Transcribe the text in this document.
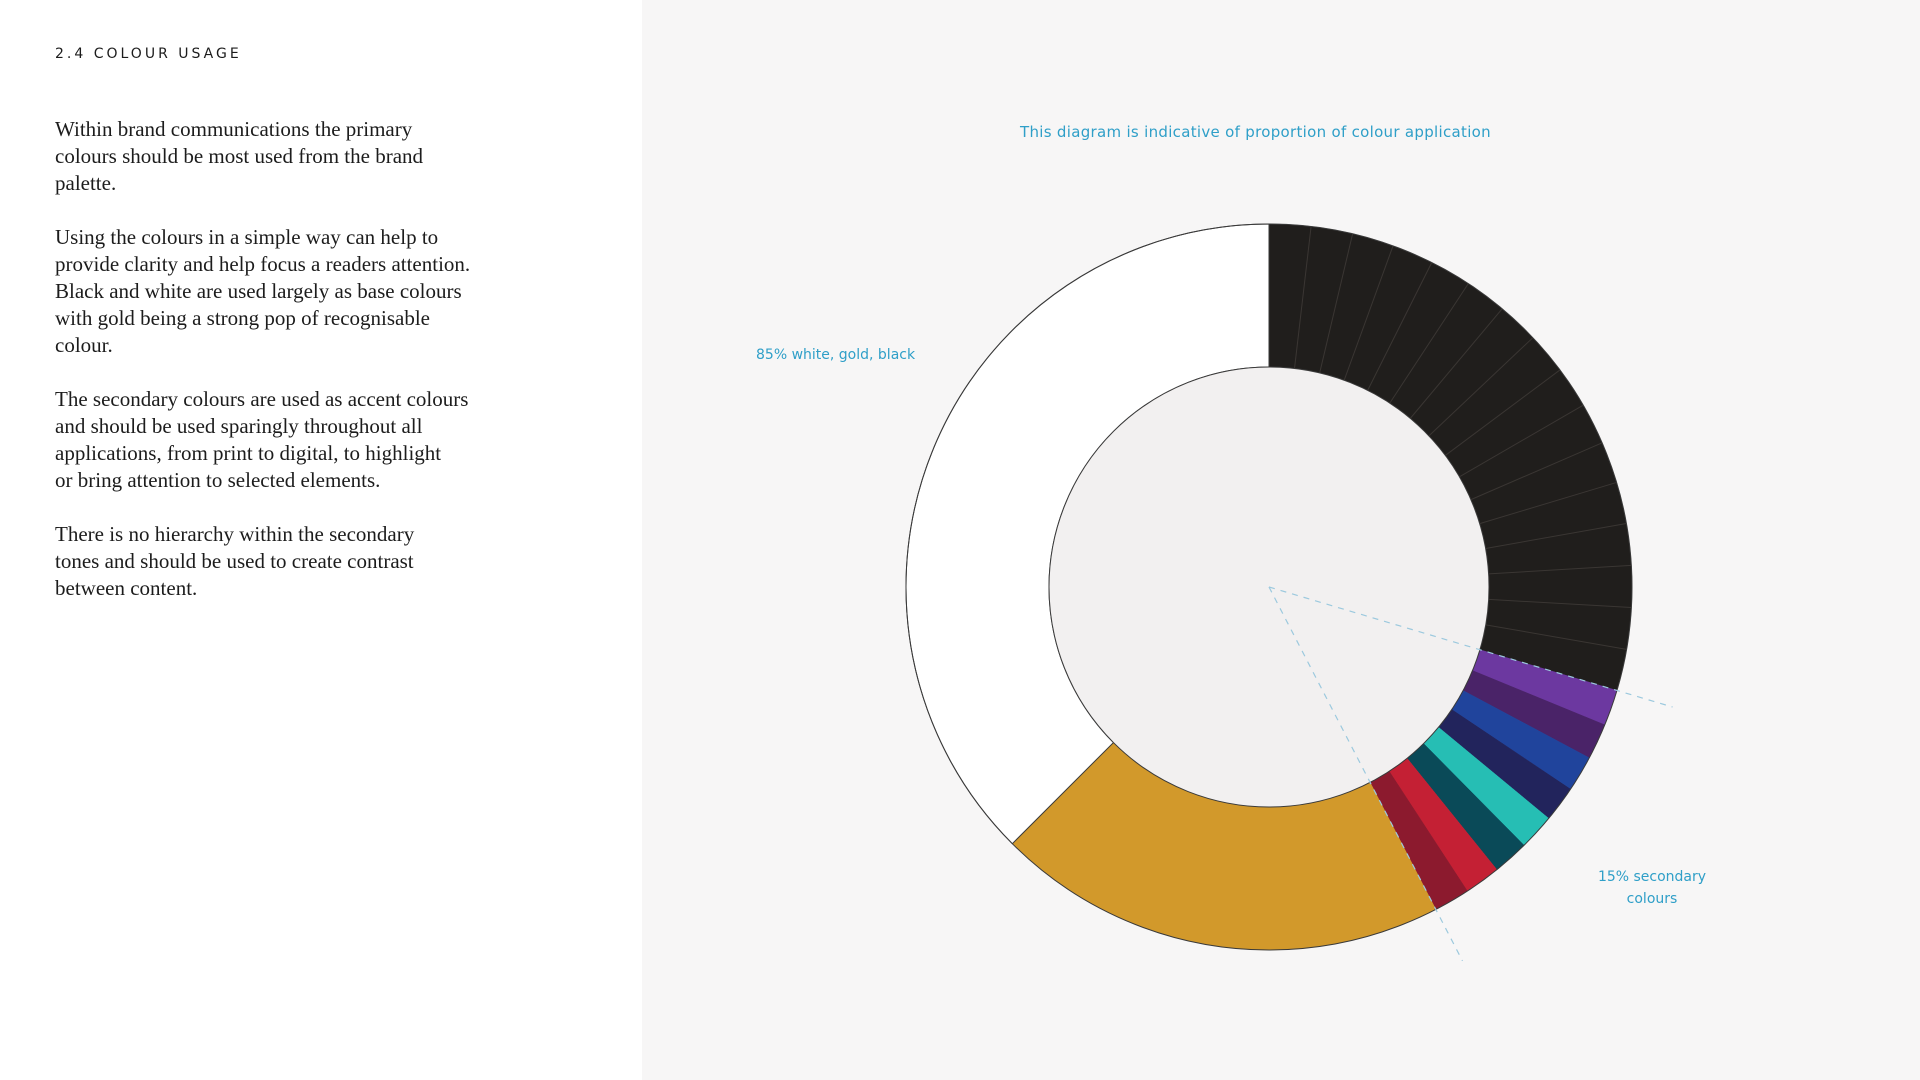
2.4 COLOUR USAGE

Within brand communications the primary
colours should be most used from the brand
palette.

Using the colours in a simple way can help to
provide clarity and help focus a readers attention.
Black and white are used largely as base colours
with gold being a strong pop of recognisable
colour.

The secondary colours are used as accent colours
and should be used sparingly throughout all
applications, from print to digital, to highlight
or bring attention to selected elements.

There is no hierarchy within the secondary
tones and should be used to create contrast
between content.

This diagram is indicative of proportion of colour application
85% white, gold, black
15% secondary
colours
